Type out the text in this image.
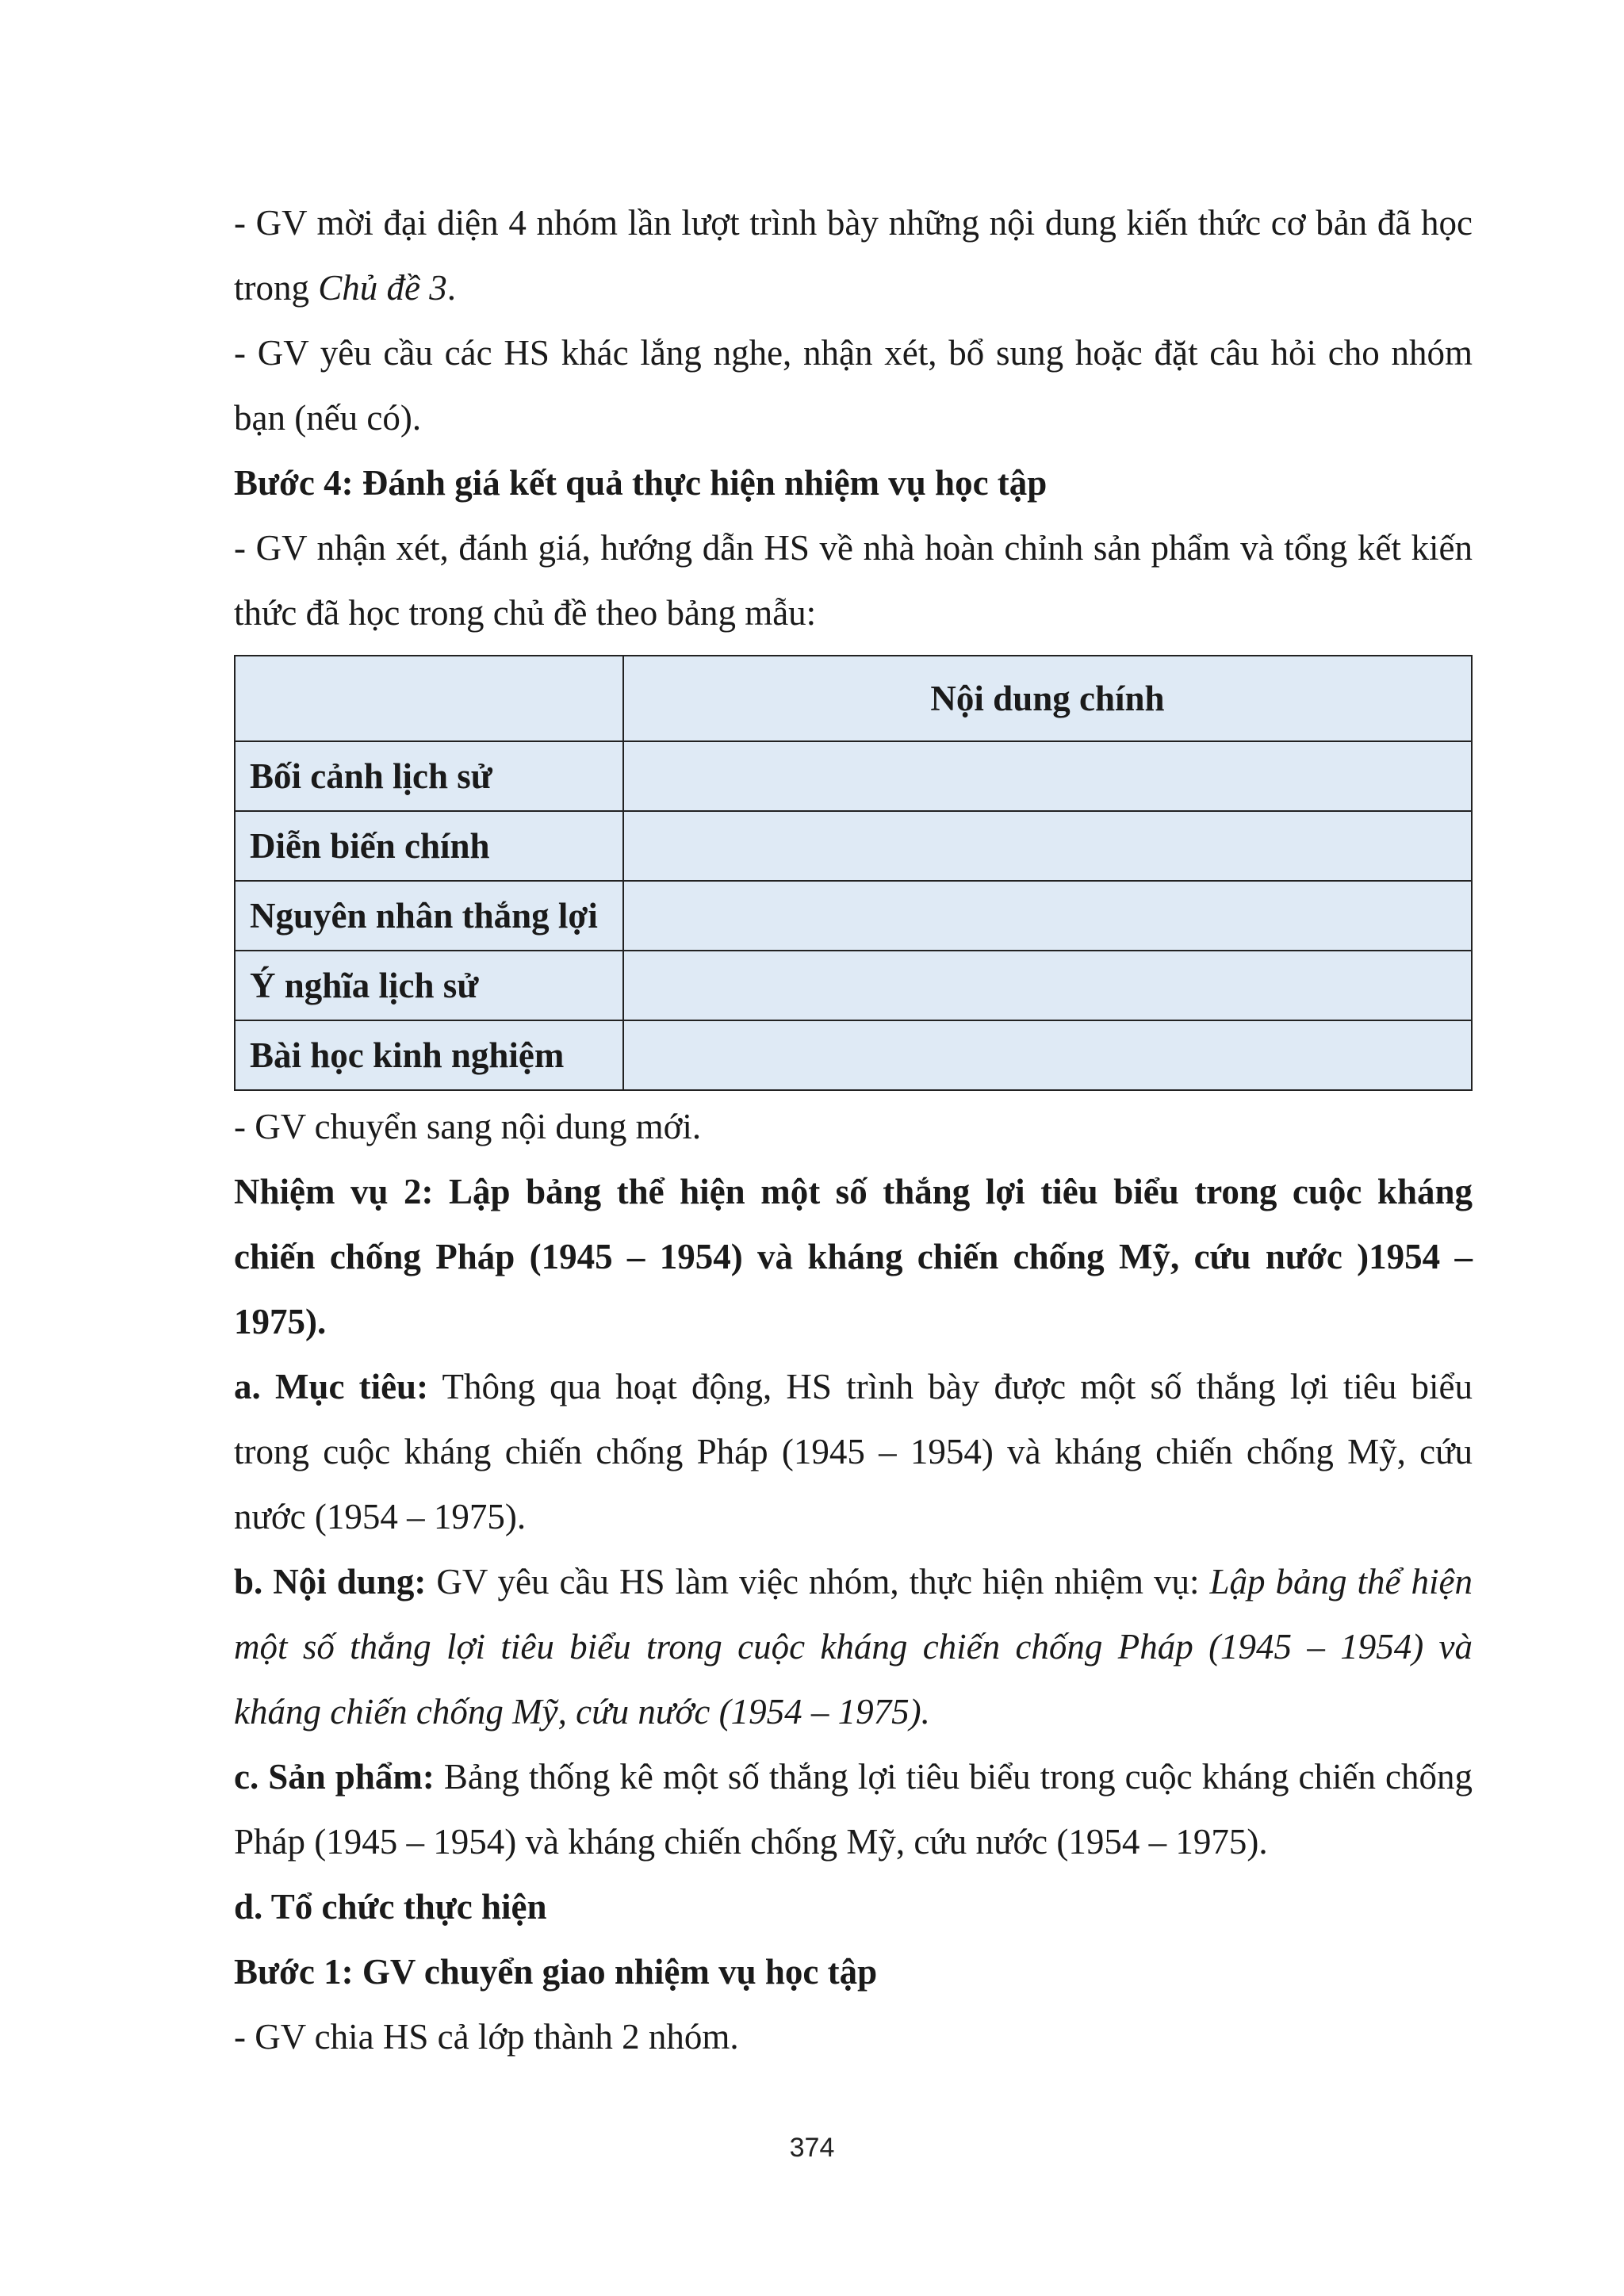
- GV mời đại diện 4 nhóm lần lượt trình bày những nội dung kiến thức cơ bản đã học

trong Chủ đề 3.

- GV yêu cầu các HS khác lắng nghe, nhận xét, bổ sung hoặc đặt câu hỏi cho nhóm

bạn (nếu có).

Bước 4: Đánh giá kết quả thực hiện nhiệm vụ học tập

- GV nhận xét, đánh giá, hướng dẫn HS về nhà hoàn chỉnh sản phẩm và tổng kết kiến

thức đã học trong chủ đề theo bảng mẫu:

	Nội dung chính
Bối cảnh lịch sử	
Diễn biến chính	
Nguyên nhân thắng lợi	
Ý nghĩa lịch sử	
Bài học kinh nghiệm	

- GV chuyển sang nội dung mới.

Nhiệm vụ 2: Lập bảng thể hiện một số thắng lợi tiêu biểu trong cuộc kháng

chiến chống Pháp (1945 – 1954) và kháng chiến chống Mỹ, cứu nước )1954 –

1975).

a. Mục tiêu: Thông qua hoạt động, HS trình bày được một số thắng lợi tiêu biểu

trong cuộc kháng chiến chống Pháp (1945 – 1954) và kháng chiến chống Mỹ, cứu

nước (1954 – 1975).

b. Nội dung: GV yêu cầu HS làm việc nhóm, thực hiện nhiệm vụ: Lập bảng thể hiện

một số thắng lợi tiêu biểu trong cuộc kháng chiến chống Pháp (1945 – 1954) và

kháng chiến chống Mỹ, cứu nước (1954 – 1975).

c. Sản phẩm: Bảng thống kê một số thắng lợi tiêu biểu trong cuộc kháng chiến chống

Pháp (1945 – 1954) và kháng chiến chống Mỹ, cứu nước (1954 – 1975).

d. Tổ chức thực hiện

Bước 1: GV chuyển giao nhiệm vụ học tập

- GV chia HS cả lớp thành 2 nhóm.

374
